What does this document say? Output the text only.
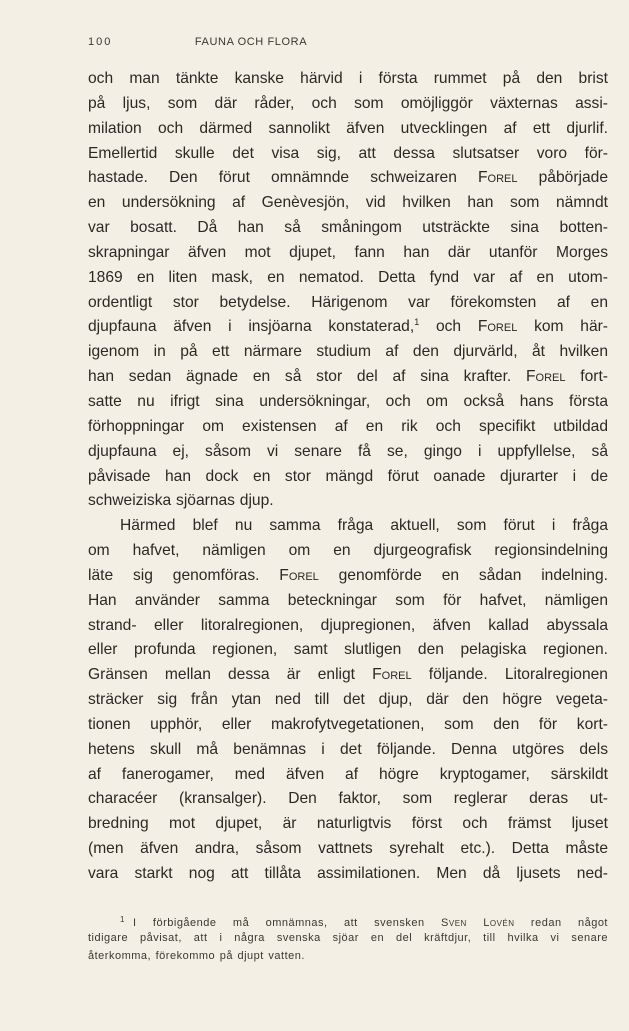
100	FAUNA OCH FLORA
och man tänkte kanske härvid i första rummet på den brist
på ljus, som där råder, och som omöjliggör växternas assi-
milation och därmed sannolikt äfven utvecklingen af ett djurlif.
Emellertid skulle det visa sig, att dessa slutsatser voro för-
hastade. Den förut omnämnde schweizaren Forel påbörjade
en undersökning af Genèvesjön, vid hvilken han som nämndt
var bosatt. Då han så småningom utsträckte sina botten-
skrapningar äfven mot djupet, fann han där utanför Morges
1869 en liten mask, en nematod. Detta fynd var af en utom-
ordentligt stor betydelse. Härigenom var förekomsten af en
djupfauna äfven i insjöarna konstaterad,$^1$ och Forel kom här-
igenom in på ett närmare studium af den djurvärld, åt hvilken
han sedan ägnade en så stor del af sina krafter. Forel fort-
satte nu ifrigt sina undersökningar, och om också hans första
förhoppningar om existensen af en rik och specifikt utbildad
djupfauna ej, såsom vi senare få se, gingo i uppfyllelse, så
påvisade han dock en stor mängd förut oanade djurarter i de
schweiziska sjöarnas djup.
Härmed blef nu samma fråga aktuell, som förut i fråga
om hafvet, nämligen om en djurgeografisk regionsindelning
läte sig genomföras. Forel genomförde en sådan indelning.
Han använder samma beteckningar som för hafvet, nämligen
strand- eller litoralregionen, djupregionen, äfven kallad abyssala
eller profunda regionen, samt slutligen den pelagiska regionen.
Gränsen mellan dessa är enligt Forel följande. Litoralregionen
sträcker sig från ytan ned till det djup, där den högre vegeta-
tionen upphör, eller makrofytvegetationen, som den för kort-
hetens skull må benämnas i det följande. Denna utgöres dels
af fanerogamer, med äfven af högre kryptogamer, särskildt
characéer (kransalger). Den faktor, som reglerar deras ut-
bredning mot djupet, är naturligtvis först och främst ljuset
(men äfven andra, såsom vattnets syrehalt etc.). Detta måste
vara starkt nog att tillåta assimilationen. Men då ljusets ned-
$^1$ I förbigående må omnämnas, att svensken Sven Lovén redan något
tidigare påvisat, att i några svenska sjöar en del kräftdjur, till hvilka vi senare
återkomma, förekommo på djupt vatten.
